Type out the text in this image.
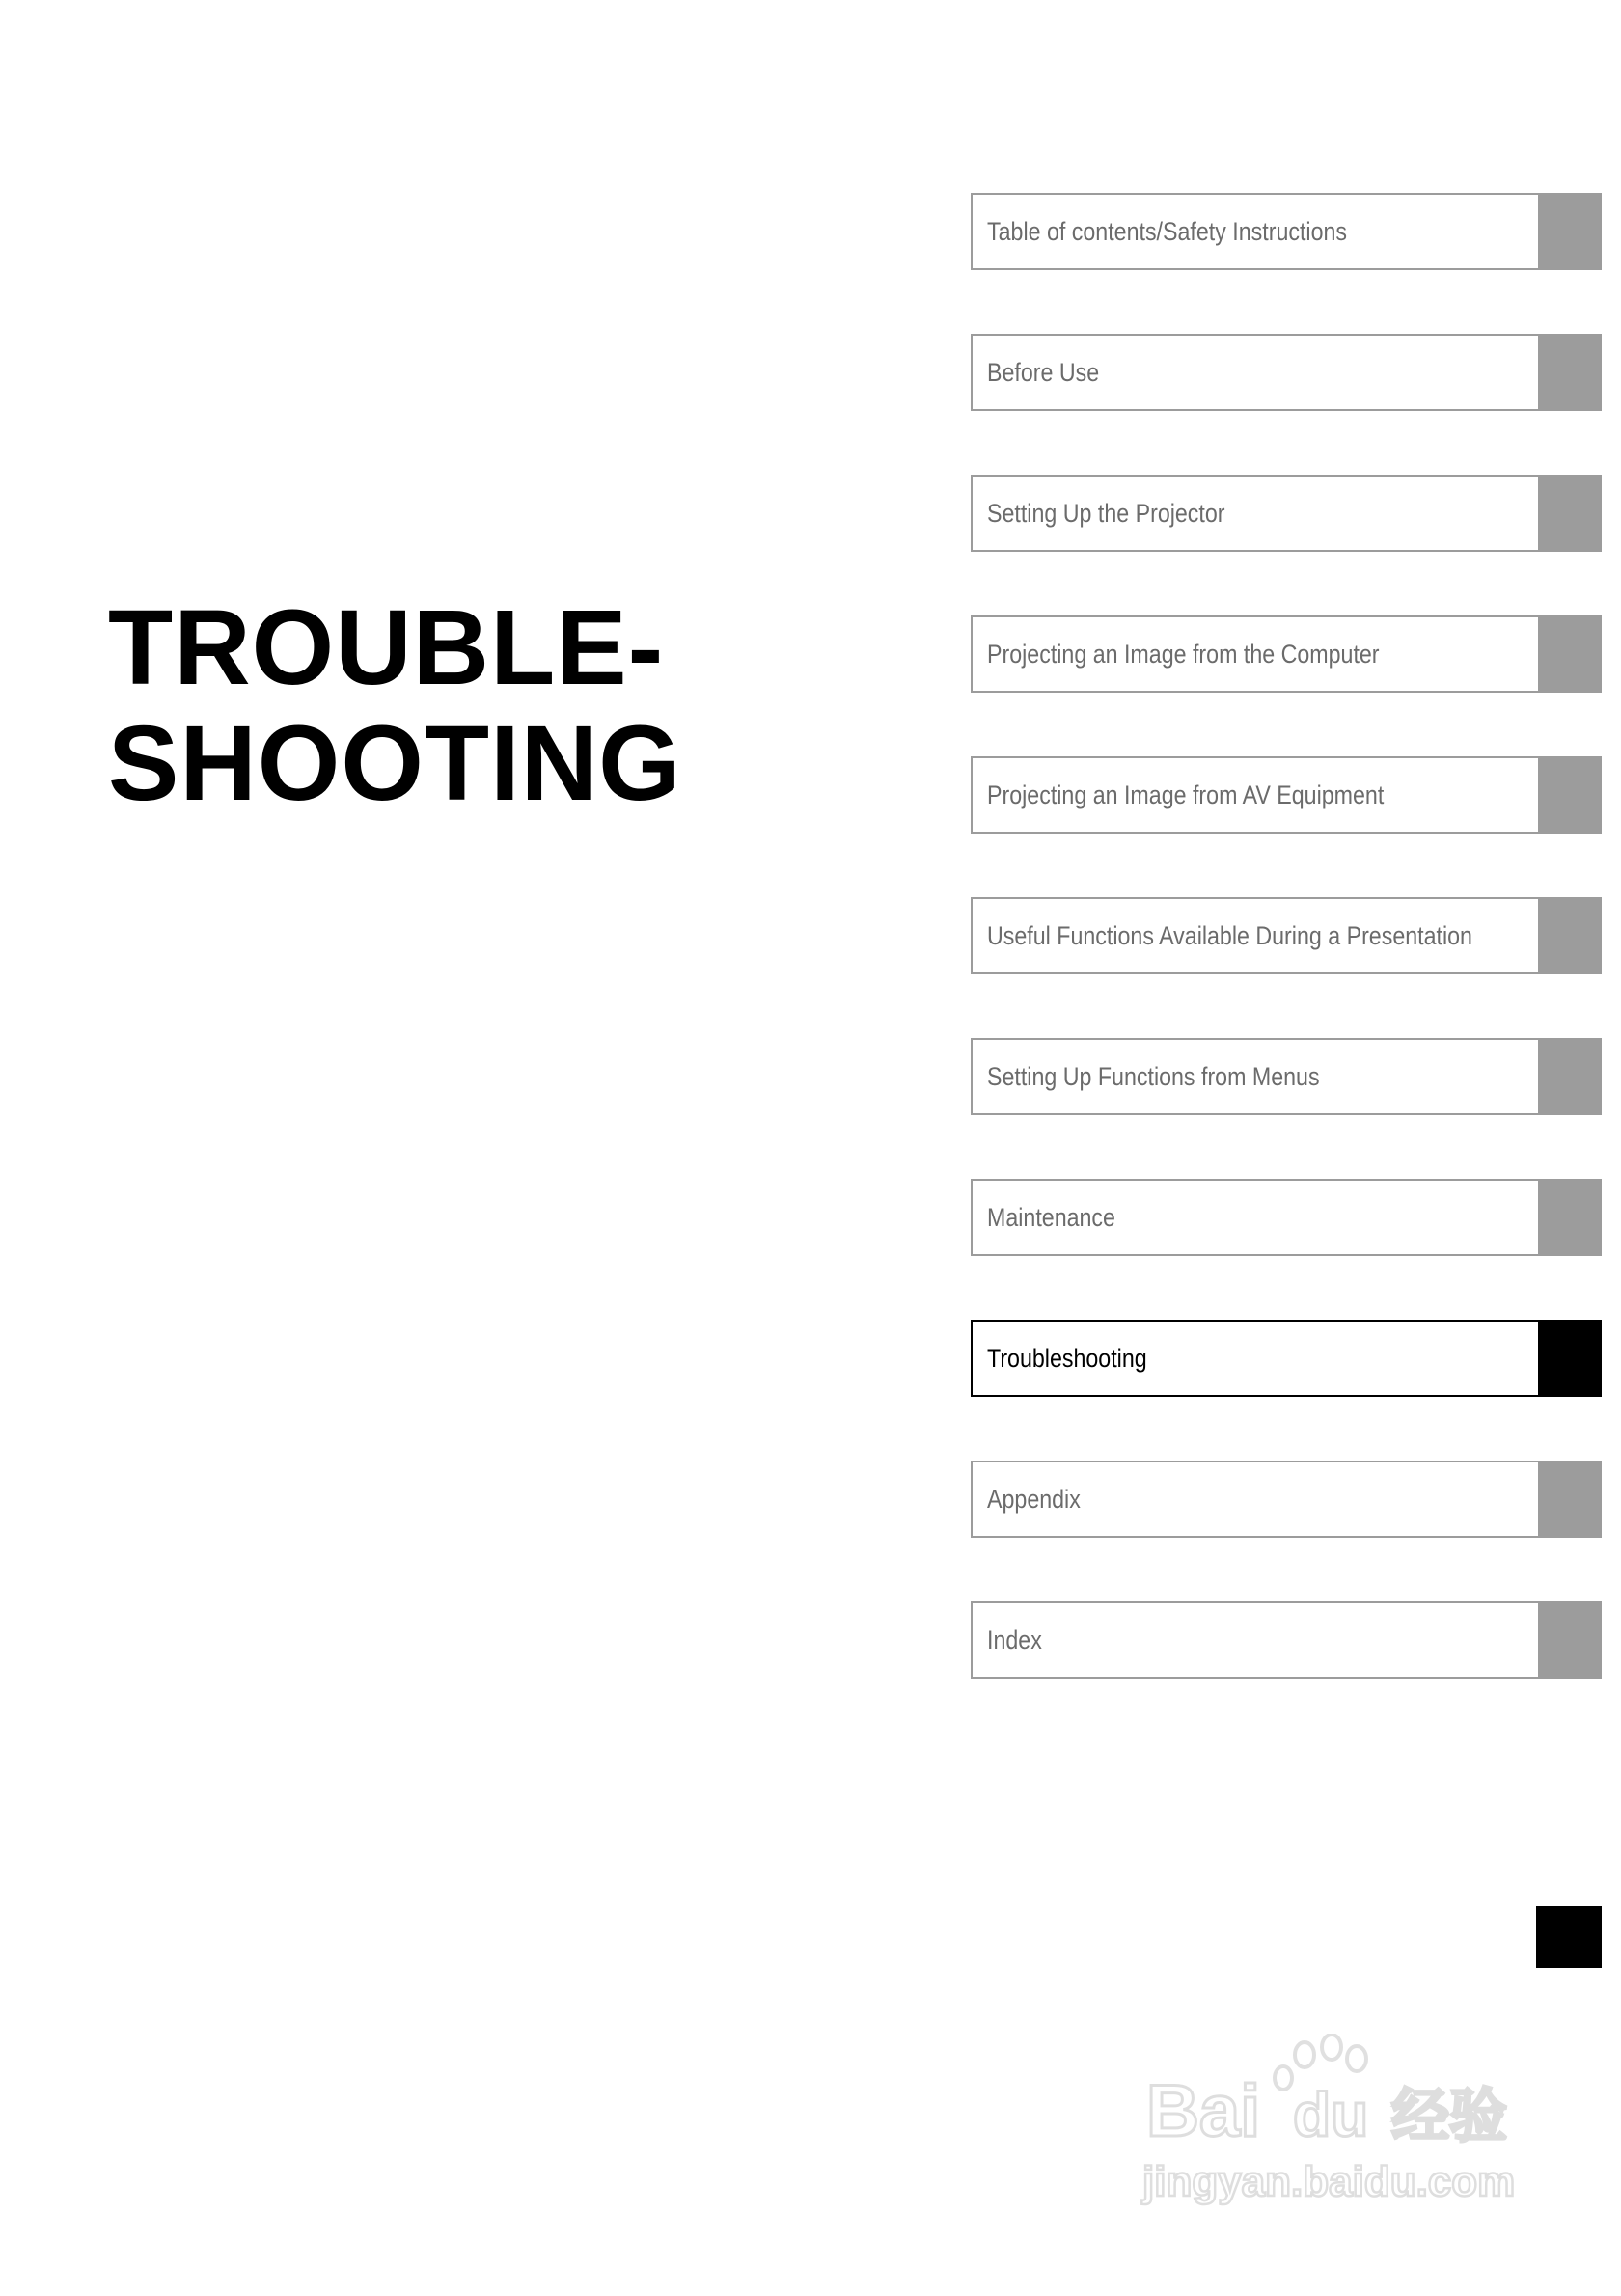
TROUBLE-
SHOOTING
Table of contents/Safety Instructions
Before Use
Setting Up the Projector
Projecting an Image from the Computer
Projecting an Image from AV Equipment
Useful Functions Available During a Presentation
Setting Up Functions from Menus
Maintenance
Troubleshooting
Appendix
Index
Bai du 经验
jingyan.baidu.com
